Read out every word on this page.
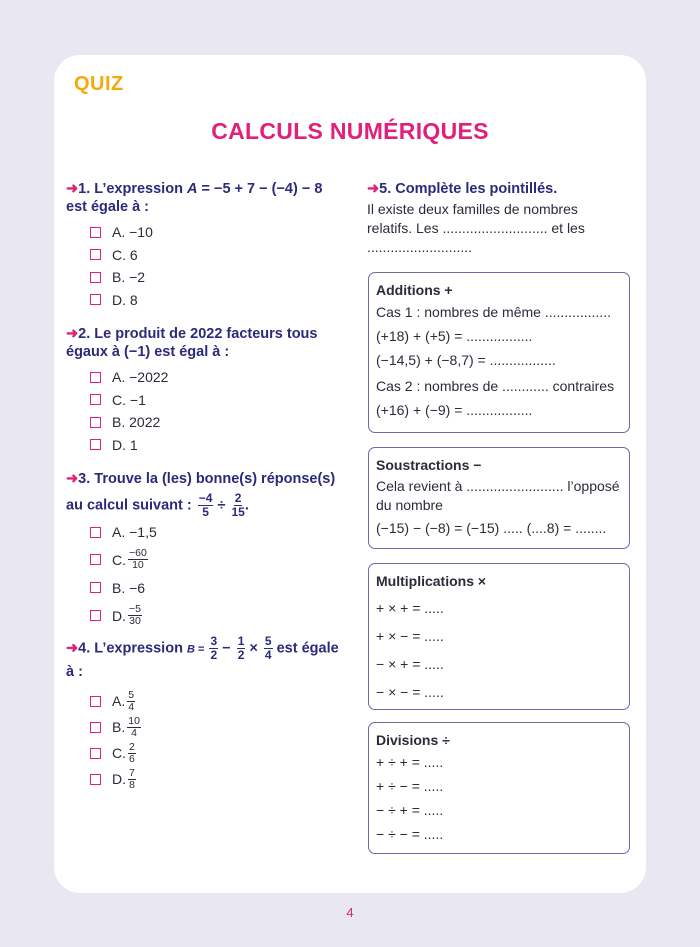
QUIZ
CALCULS NUMÉRIQUES
➜1. L’expression A = −5 + 7 − (−4) − 8 est égale à :
A. −10
C. 6
B. −2
D. 8
➜2. Le produit de 2022 facteurs tous égaux à (−1) est égal à :
A. −2022
C. −1
B. 2022
D. 1
➜3. Trouve la (les) bonne(s) réponse(s)
au calcul suivant : $\frac{-4}{5} \div \frac{2}{15}$ .
A. −1,5
C. $\frac{-60}{10}$
B. −6
D. $\frac{-5}{30}$
➜4. L’expression $B = \frac{3}{2} - \frac{1}{2} \times \frac{5}{4}$ est égale à :
A. $\frac{5}{4}$
B. $\frac{10}{4}$
C. $\frac{2}{6}$
D. $\frac{7}{8}$
➜5. Complète les pointillés.
Il existe deux familles de nombres
relatifs. Les ........................... et les
...........................
Additions +
Cas 1 : nombres de même .................
(+18) + (+5) = .................
(−14,5) + (−8,7) = .................
Cas 2 : nombres de ............ contraires
(+16) + (−9) = .................
Soustractions −
Cela revient à ......................... l’opposé
du nombre
(−15) − (−8) = (−15) ..... (....8) = ........
Multiplications ×
+ × + = .....
+ × − = .....
− × + = .....
− × − = .....
Divisions ÷
+ ÷ + = .....
+ ÷ − = .....
− ÷ + = .....
− ÷ − = .....
4
